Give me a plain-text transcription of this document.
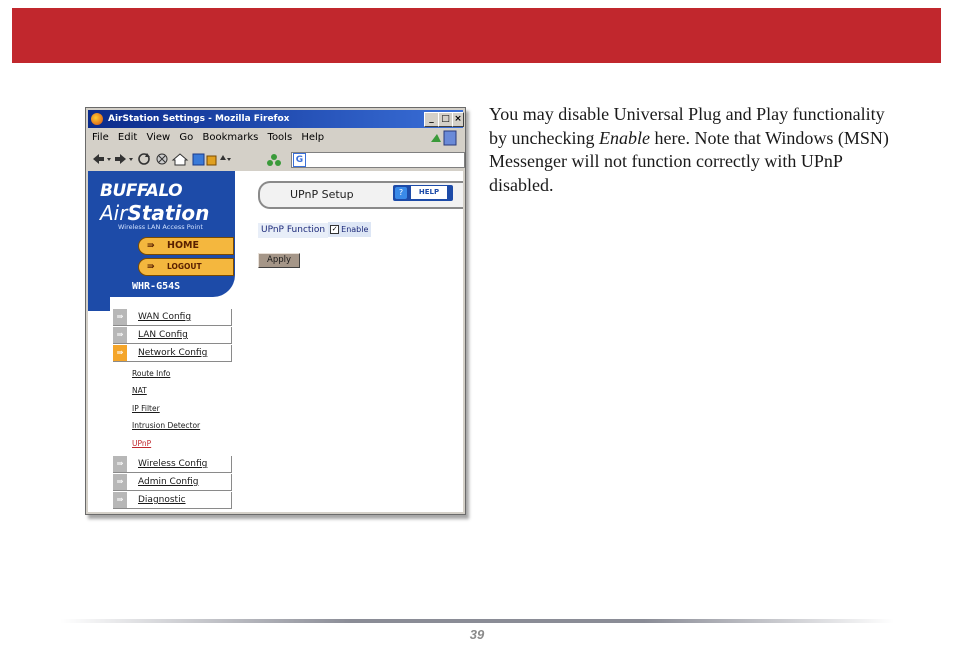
AirStation Settings - Mozilla Firefox	_ □ ×
File Edit View Go Bookmarks Tools Help
G
BUFFALO
AirStation
Wireless LAN Access Point
⇛ HOME
⇛ LOGOUT
WHR-G54S
⇛	WAN Config
⇛	LAN Config
⇛	Network Config
Route Info
NAT
IP Filter
Intrusion Detector
UPnP
⇛	Wireless Config
⇛	Admin Config
⇛	Diagnostic
UPnP Setup	?	HELP
UPnP Function ✓ Enable
Apply
You may disable Universal Plug and Play functionality by unchecking Enable here. Note that Windows (MSN) Messenger will not function correctly with UPnP disabled.
39
